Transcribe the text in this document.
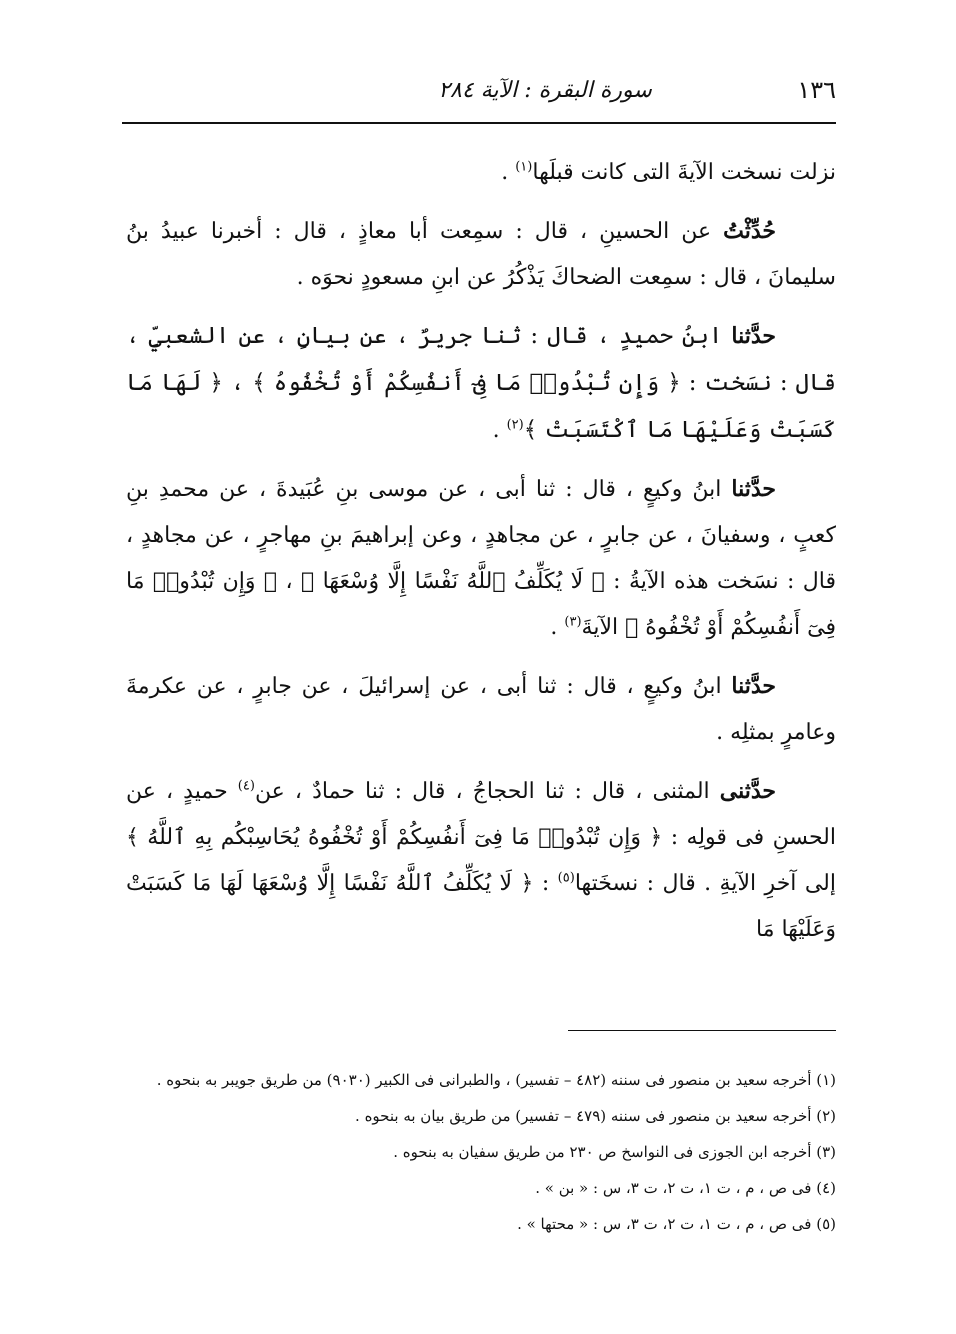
١٣٦
سورة البقرة : الآية ٢٨٤

نزلت نسخت الآيةَ التى كانت قبلَها$^{(١)}$ .

حُدِّثْتُ عن الحسينِ ، قال : سمِعت أبا معاذٍ ، قال : أخبرنا عبيدُ بنُ سليمانَ ، قال : سمِعت الضحاكَ يَذْكُرُ عن ابنِ مسعودٍ نحوَه .

حدَّثنا ابنُ حميدٍ ، قال : ثنا جريرٌ ، عن بيانٍ ، عن الشعبيِّ ، قال : نسَخت : ﴿ وَإِن تُبْدُوا۟ مَا فِىٓ أَنفُسِكُمْ أَوْ تُخْفُوهُ ﴾ ، ﴿ لَهَا مَا كَسَبَتْ وَعَلَيْهَا مَا ٱكْتَسَبَتْ ﴾$^{(٢)}$ .

حدَّثنا ابنُ وكيعٍ ، قال : ثنا أبى ، عن موسى بنِ عُبَيدةَ ، عن محمدِ بنِ كعبٍ ، وسفيانَ ، عن جابرٍ ، عن مجاهدٍ ، وعن إبراهيمَ بنِ مهاجرٍ ، عن مجاهدٍ ، قال : نسَخت هذه الآيةُ : ﴿ لَا يُكَلِّفُ ٱللَّهُ نَفْسًا إِلَّا وُسْعَهَا ﴾ ، ﴿ وَإِن تُبْدُوا۟ مَا فِىٓ أَنفُسِكُمْ أَوْ تُخْفُوهُ ﴾ الآيةَ$^{(٣)}$ .

حدَّثنا ابنُ وكيعٍ ، قال : ثنا أبى ، عن إسرائيلَ ، عن جابرٍ ، عن عكرمةَ وعامرٍ بمثلِه .

حدَّثنى المثنى ، قال : ثنا الحجاجُ ، قال : ثنا حمادٌ ، عن$^{(٤)}$ حميدٍ ، عن الحسنِ فى قولِه : ﴿ وَإِن تُبْدُوا۟ مَا فِىٓ أَنفُسِكُمْ أَوْ تُخْفُوهُ يُحَاسِبْكُم بِهِ ٱللَّهُ ﴾ إلى آخرِ الآيةِ . قال : نسخَتها$^{(٥)}$ : ﴿ لَا يُكَلِّفُ ٱللَّهُ نَفْسًا إِلَّا وُسْعَهَا لَهَا مَا كَسَبَتْ وَعَلَيْهَا مَا

(١) أخرجه سعيد بن منصور فى سننه (٤٨٢ – تفسير) ، والطبرانى فى الكبير (٩٠٣٠) من طريق جويبر به بنحوه .

(٢) أخرجه سعيد بن منصور فى سننه (٤٧٩ – تفسير) من طريق بيان به بنحوه .

(٣) أخرجه ابن الجوزى فى النواسخ ص ٢٣٠ من طريق سفيان به بنحوه .

(٤) فى ص ، م ، ت ١، ت ٢، ت ٣، س : « بن » .

(٥) فى ص ، م ، ت ١، ت ٢، ت ٣، س : « محتها » .
